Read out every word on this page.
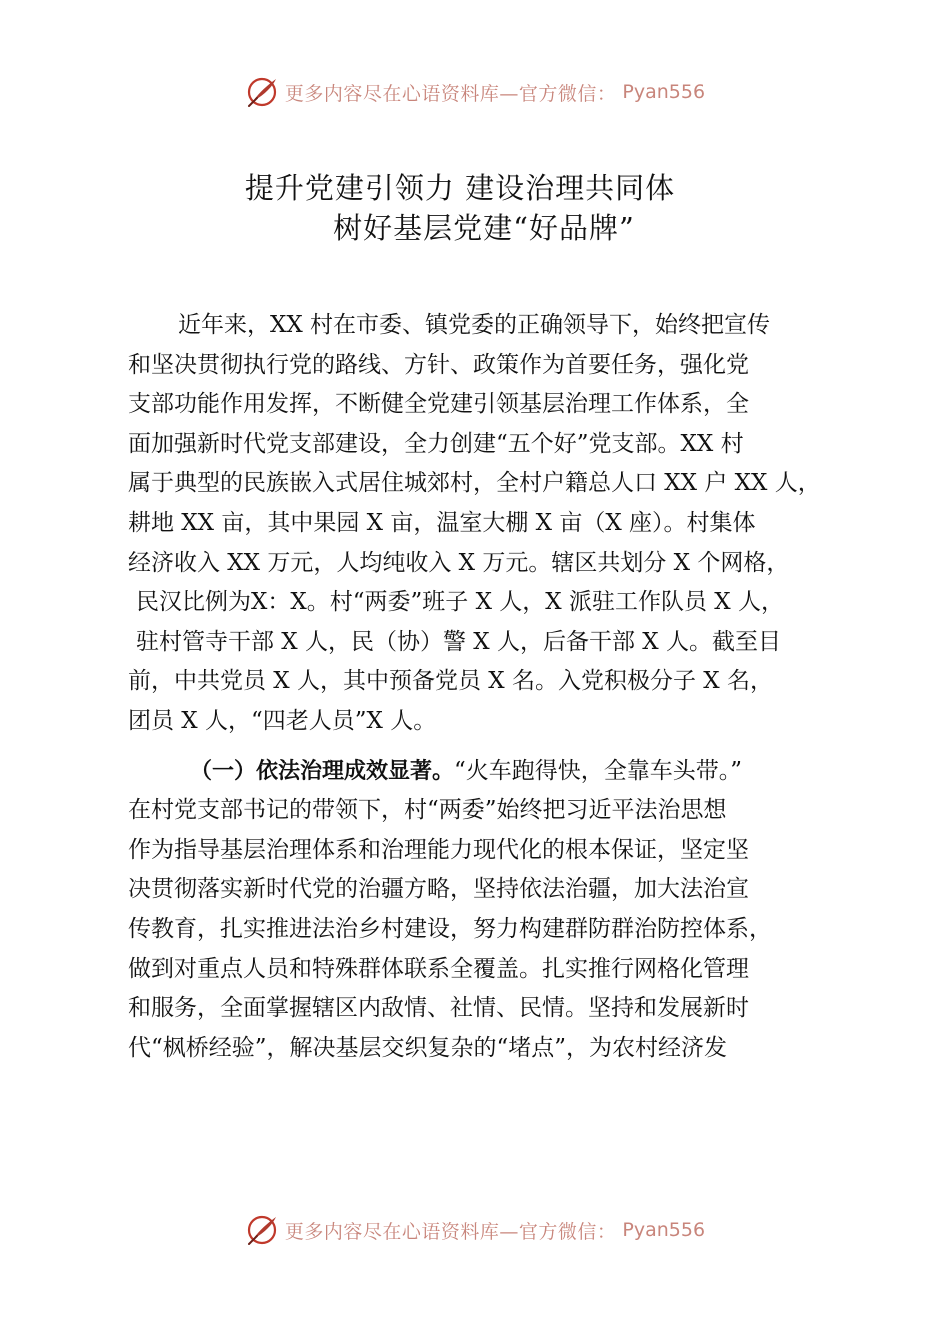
更多内容尽在心语资料库—官方微信： Pyan556
提升党建引领力 建设治理共同体
树好基层党建“好品牌”
近年来，XX 村在市委、镇党委的正确领导下，始终把宣传
和坚决贯彻执行党的路线、方针、政策作为首要任务，强化党
支部功能作用发挥，不断健全党建引领基层治理工作体系，全
面加强新时代党支部建设，全力创建“五个好”党支部。XX 村
属于典型的民族嵌入式居住城郊村，全村户籍总人口 XX 户 XX 人，
耕地 XX 亩，其中果园 X 亩，温室大棚 X 亩（X 座）。村集体
经济收入 XX 万元，人均纯收入 X 万元。辖区共划分 X 个网格，
民汉比例为X：X。村“两委”班子 X 人，X 派驻工作队员 X 人，
驻村管寺干部 X 人，民（协）警 X 人，后备干部 X 人。截至目
前，中共党员 X 人，其中预备党员 X 名。入党积极分子 X 名，
团员 X 人，“四老人员”X 人。
（一）依法治理成效显著。“火车跑得快，全靠车头带。”
在村党支部书记的带领下，村“两委”始终把习近平法治思想
作为指导基层治理体系和治理能力现代化的根本保证，坚定坚
决贯彻落实新时代党的治疆方略，坚持依法治疆，加大法治宣
传教育，扎实推进法治乡村建设，努力构建群防群治防控体系，
做到对重点人员和特殊群体联系全覆盖。扎实推行网格化管理
和服务，全面掌握辖区内敌情、社情、民情。坚持和发展新时
代“枫桥经验”，解决基层交织复杂的“堵点”，为农村经济发
更多内容尽在心语资料库—官方微信： Pyan556
